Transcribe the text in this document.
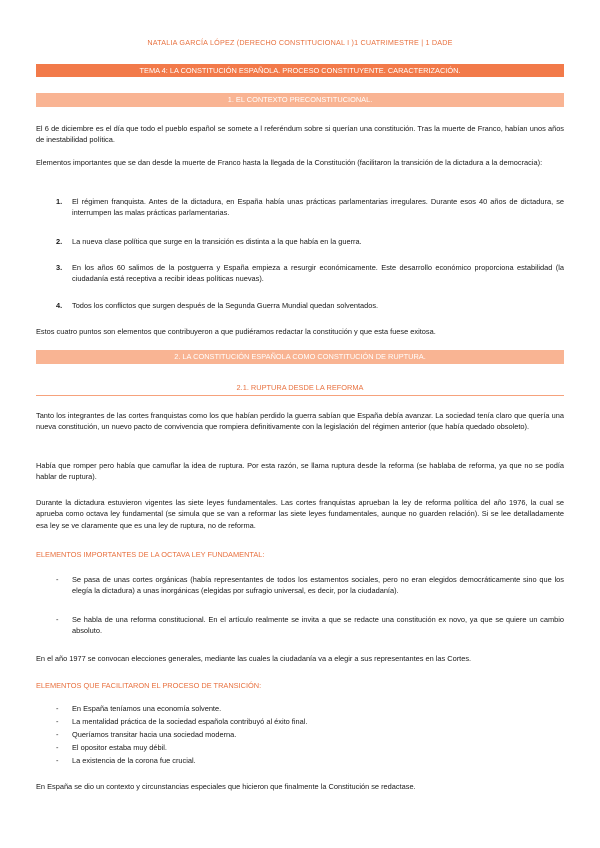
NATALIA GARCÍA LÓPEZ (DERECHO CONSTITUCIONAL I )1 CUATRIMESTRE | 1 DADE
TEMA 4: LA CONSTITUCIÓN ESPAÑOLA. PROCESO CONSTITUYENTE. CARACTERIZACIÓN.
1. EL CONTEXTO PRECONSTITUCIONAL.

El 6 de diciembre es el día que todo el pueblo español se somete a l referéndum sobre si querían una constitución. Tras la muerte de Franco, habían unos años de inestabilidad política.

Elementos importantes que se dan desde la muerte de Franco hasta la llegada de la Constitución (facilitaron la transición de la dictadura a la democracia):

1.	El régimen franquista. Antes de la dictadura, en España había unas prácticas parlamentarias irregulares. Durante esos 40 años de dictadura, se interrumpen las malas prácticas parlamentarias.
2.	La nueva clase política que surge en la transición es distinta a la que había en la guerra.
3.	En los años 60 salimos de la postguerra y España empieza a resurgir económicamente. Este desarrollo económico proporciona estabilidad (la ciudadanía está receptiva a recibir ideas políticas nuevas).
4.	Todos los conflictos que surgen después de la Segunda Guerra Mundial quedan solventados.

Estos cuatro puntos son elementos que contribuyeron a que pudiéramos redactar la constitución y que esta fuese exitosa.

2. LA CONSTITUCIÓN ESPAÑOLA COMO CONSTITUCIÓN DE RUPTURA.
2.1. RUPTURA DESDE LA REFORMA

Tanto los integrantes de las cortes franquistas como los que habían perdido la guerra sabían que España debía avanzar. La sociedad tenía claro que quería una nueva constitución, un nuevo pacto de convivencia que rompiera definitivamente con la legislación del régimen anterior (que había quedado obsoleto).

Había que romper pero había que camuflar la idea de ruptura. Por esta razón, se llama ruptura desde la reforma (se hablaba de reforma, ya que no se podía hablar de ruptura).

Durante la dictadura estuvieron vigentes las siete leyes fundamentales. Las cortes franquistas aprueban la ley de reforma política del año 1976, la cual se aprueba como octava ley fundamental (se simula que se van a reformar las siete leyes fundamentales, aunque no guarden relación). Si se lee detalladamente esa ley se ve claramente que es una ley de ruptura, no de reforma.

ELEMENTOS IMPORTANTES DE LA OCTAVA LEY FUNDAMENTAL:
-	Se pasa de unas cortes orgánicas (había representantes de todos los estamentos sociales, pero no eran elegidos democráticamente sino que los elegía la dictadura) a unas inorgánicas (elegidas por sufragio universal, es decir, por la ciudadanía).
-	Se habla de una reforma constitucional. En el artículo realmente se invita a que se redacte una constitución ex novo, ya que se quiere un cambio absoluto.

En el año 1977 se convocan elecciones generales, mediante las cuales la ciudadanía va a elegir a sus representantes en las Cortes.

ELEMENTOS QUE FACILITARON EL PROCESO DE TRANSICIÓN:
-	En España teníamos una economía solvente.
-	La mentalidad práctica de la sociedad española contribuyó al éxito final.
-	Queríamos transitar hacia una sociedad moderna.
-	El opositor estaba muy débil.
-	La existencia de la corona fue crucial.

En España se dio un contexto y circunstancias especiales que hicieron que finalmente la Constitución se redactase.
